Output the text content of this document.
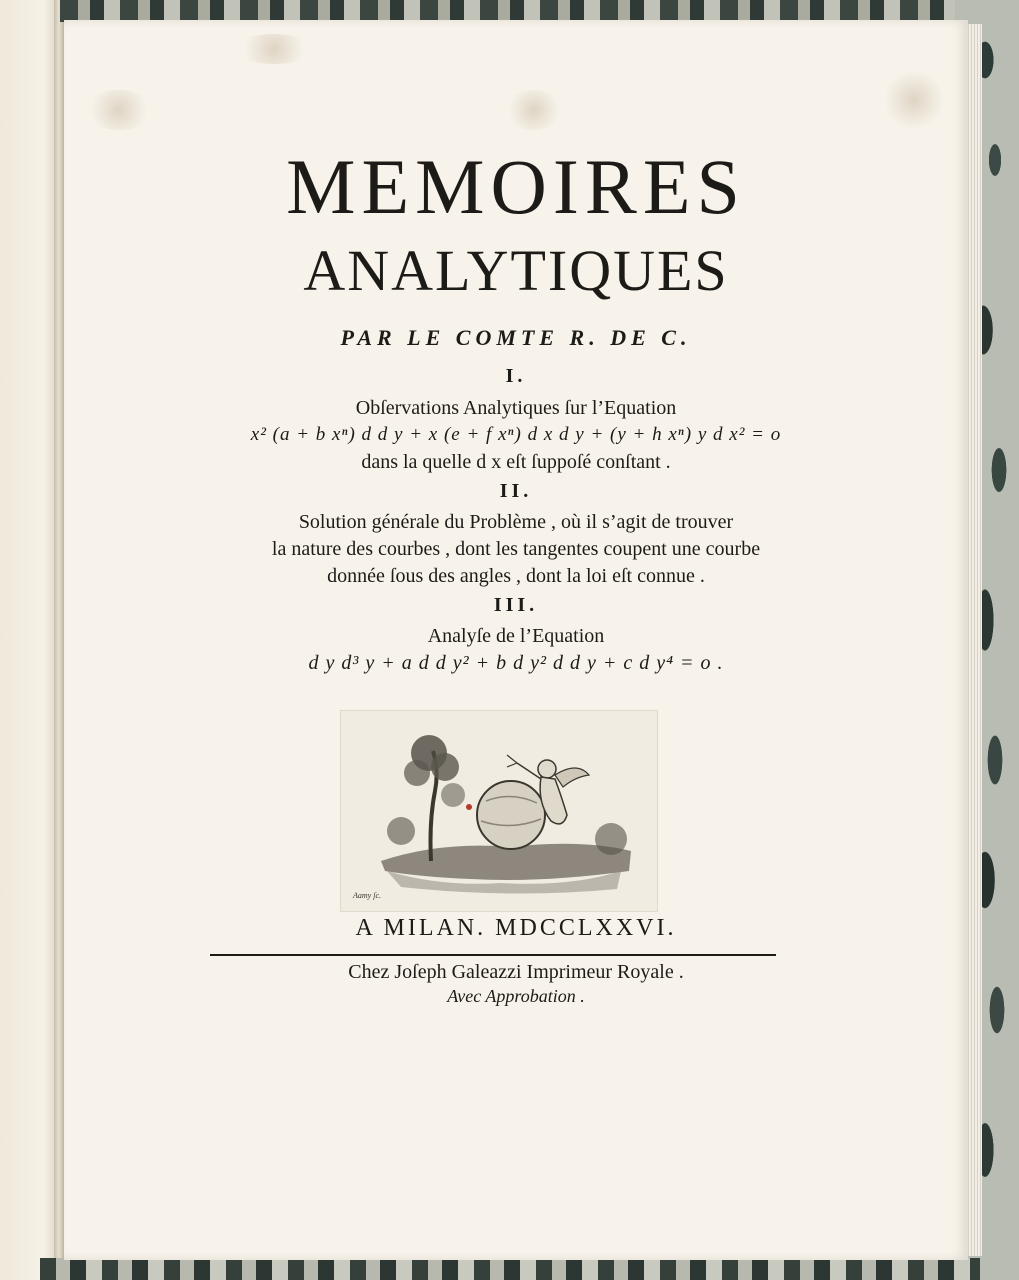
MEMOIRES
ANALYTIQUES
PAR LE COMTE R. DE C.
I.
Obſervations Analytiques ſur l’Equation
x² (a + b xⁿ) d d y + x (e + f xⁿ) d x d y + (y + h xⁿ) y d x² = o
dans la quelle d x eſt ſuppoſé conſtant .
II.
Solution générale du Problème , où il s’agit de trouver
la nature des courbes , dont les tangentes coupent une courbe
donnée ſous des angles , dont la loi eſt connue .
III.
Analyſe de l’Equation
d y d³ y + a d d y² + b d y² d d y + c d y⁴ = o .
Aamy ſc.
A MILAN. MDCCLXXVI.
Chez Joſeph Galeazzi Imprimeur Royale .
Avec Approbation .
